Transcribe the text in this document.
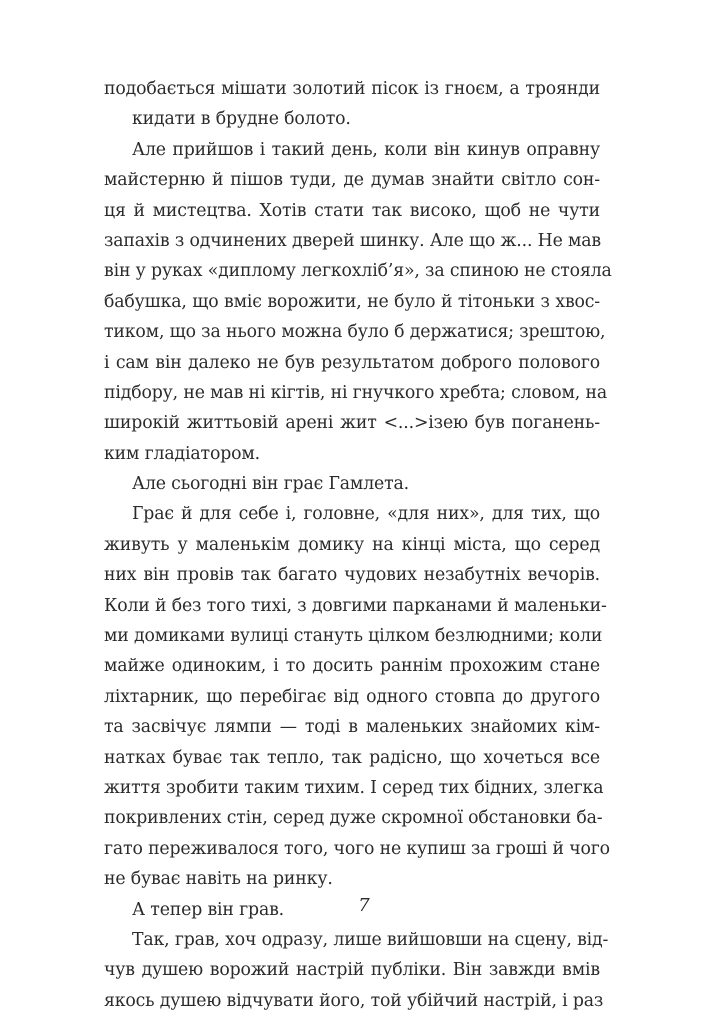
подобається мішати золотий пісок із гноєм, а троянди
кидати в брудне болото.
Але прийшов і такий день, коли він кинув оправну
майстерню й пішов туди, де думав знайти світло сон-
ця й мистецтва. Хотів стати так високо, щоб не чути
запахів з одчинених дверей шинку. Але що ж... Не мав
він у руках «диплому легкохліб’я», за спиною не стояла
бабушка, що вміє ворожити, не було й тітоньки з хвос-
тиком, що за нього можна було б держатися; зрештою,
і сам він далеко не був результатом доброго полового
підбору, не мав ні кігтів, ні гнучкого хребта; словом, на
широкій життьовій арені жит <...>ізею був поганень-
ким гладіатором.
Але сьогодні він грає Гамлета.
Грає й для себе і, головне, «для них», для тих, що
живуть у маленькім домику на кінці міста, що серед
них він провів так багато чудових незабутніх вечорів.
Коли й без того тихі, з довгими парканами й маленьки-
ми домиками вулиці стануть цілком безлюдними; коли
майже одиноким, і то досить раннім прохожим стане
ліхтарник, що перебігає від одного стовпа до другого
та засвічує лямпи — тоді в маленьких знайомих кім-
натках буває так тепло, так радісно, що хочеться все
життя зробити таким тихим. І серед тих бідних, злегка
покривлених стін, серед дуже скромної обстановки ба-
гато переживалося того, чого не купиш за гроші й чого
не буває навіть на ринку.
А тепер він грав.
Так, грав, хоч одразу, лише вийшовши на сцену, від-
чув душею ворожий настрій публіки. Він завжди вмів
якось душею відчувати його, той убійчий настрій, і раз
7
